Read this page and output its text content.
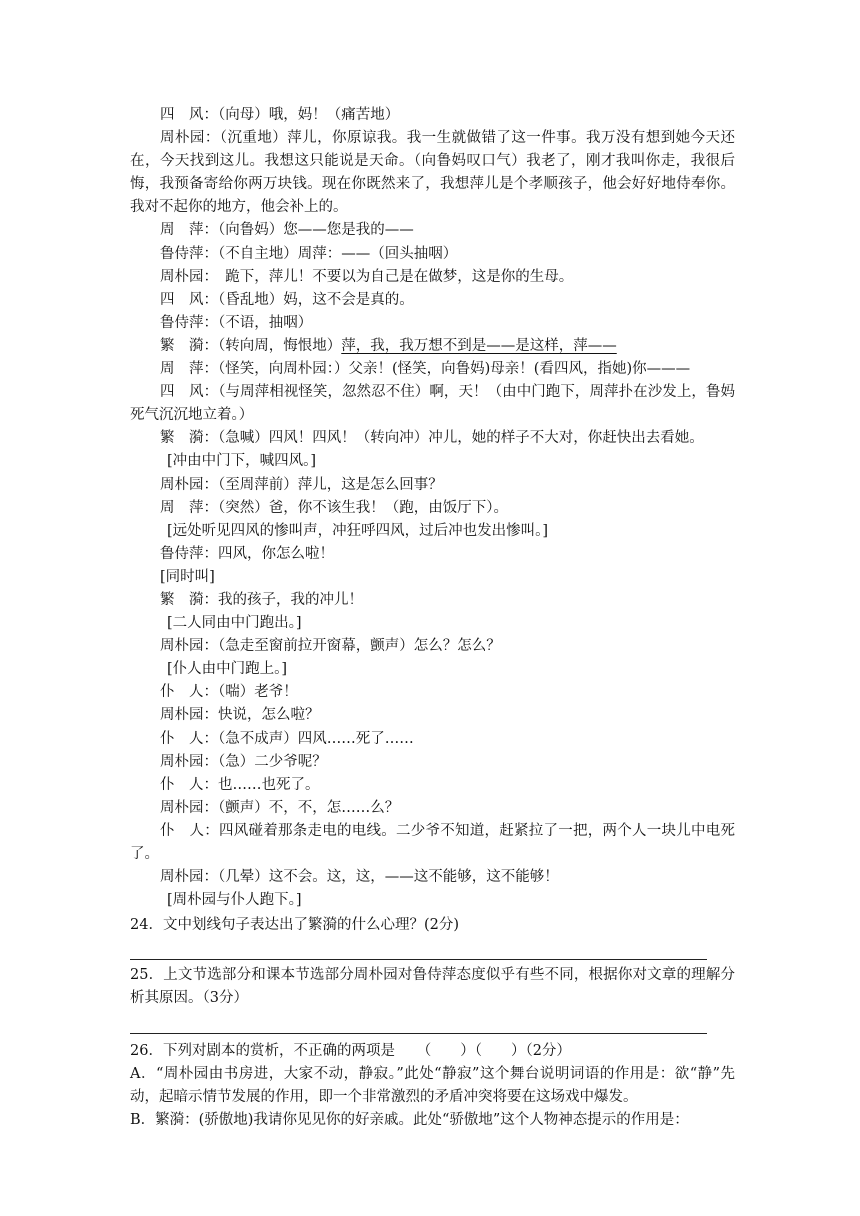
四　风：（向母）哦，妈！（痛苦地）
周朴园：（沉重地）萍儿，你原谅我。我一生就做错了这一件事。我万没有想到她今天还在，今天找到这儿。我想这只能说是天命。（向鲁妈叹口气）我老了，刚才我叫你走，我很后悔，我预备寄给你两万块钱。现在你既然来了，我想萍儿是个孝顺孩子，他会好好地侍奉你。我对不起你的地方，他会补上的。
周　萍：（向鲁妈）您——您是我的——
鲁侍萍：（不自主地）周萍：——（回头抽咽）
周朴园：　跪下，萍儿！不要以为自己是在做梦，这是你的生母。
四　风：（昏乱地）妈，这不会是真的。
鲁侍萍：（不语，抽咽）
繁　漪：（转向周，悔恨地）萍，我，我万想不到是——是这样，萍——
周　萍：（怪笑，向周朴园：）父亲！(怪笑，向鲁妈)母亲！(看四风，指她)你———
四　风：（与周萍相视怪笑，忽然忍不住）啊，天！（由中门跑下，周萍扑在沙发上，鲁妈死气沉沉地立着。）
繁　漪：（急喊）四风！四风！（转向冲）冲儿，她的样子不大对，你赶快出去看她。
[冲由中门下，喊四风。]
周朴园：（至周萍前）萍儿，这是怎么回事？
周　萍：（突然）爸，你不该生我！（跑，由饭厅下）。
[远处听见四风的惨叫声，冲狂呼四风，过后冲也发出惨叫。]
鲁侍萍：四风，你怎么啦！
[同时叫]
繁　漪：我的孩子，我的冲儿！
[二人同由中门跑出。]
周朴园：（急走至窗前拉开窗幕，颤声）怎么？怎么？
[仆人由中门跑上。]
仆　人：（喘）老爷！
周朴园：快说，怎么啦？
仆　人：（急不成声）四风……死了……
周朴园：（急）二少爷呢？
仆　人：也……也死了。
周朴园：（颤声）不，不，怎……么？
仆　人：四风碰着那条走电的电线。二少爷不知道，赶紧拉了一把，两个人一块儿中电死了。
周朴园：（几晕）这不会。这，这，——这不能够，这不能够！
[周朴园与仆人跑下。]
24．文中划线句子表达出了繁漪的什么心理？(2分)
25．上文节选部分和课本节选部分周朴园对鲁侍萍态度似乎有些不同，根据你对文章的理解分析其原因。（3分）
26．下列对剧本的赏析，不正确的两项是　　（　　）（　　）（2分）
A．“周朴园由书房进，大家不动，静寂。”此处“静寂”这个舞台说明词语的作用是：欲“静”先动，起暗示情节发展的作用，即一个非常激烈的矛盾冲突将要在这场戏中爆发。
B．繁漪：(骄傲地)我请你见见你的好亲戚。此处“骄傲地”这个人物神态提示的作用是：
